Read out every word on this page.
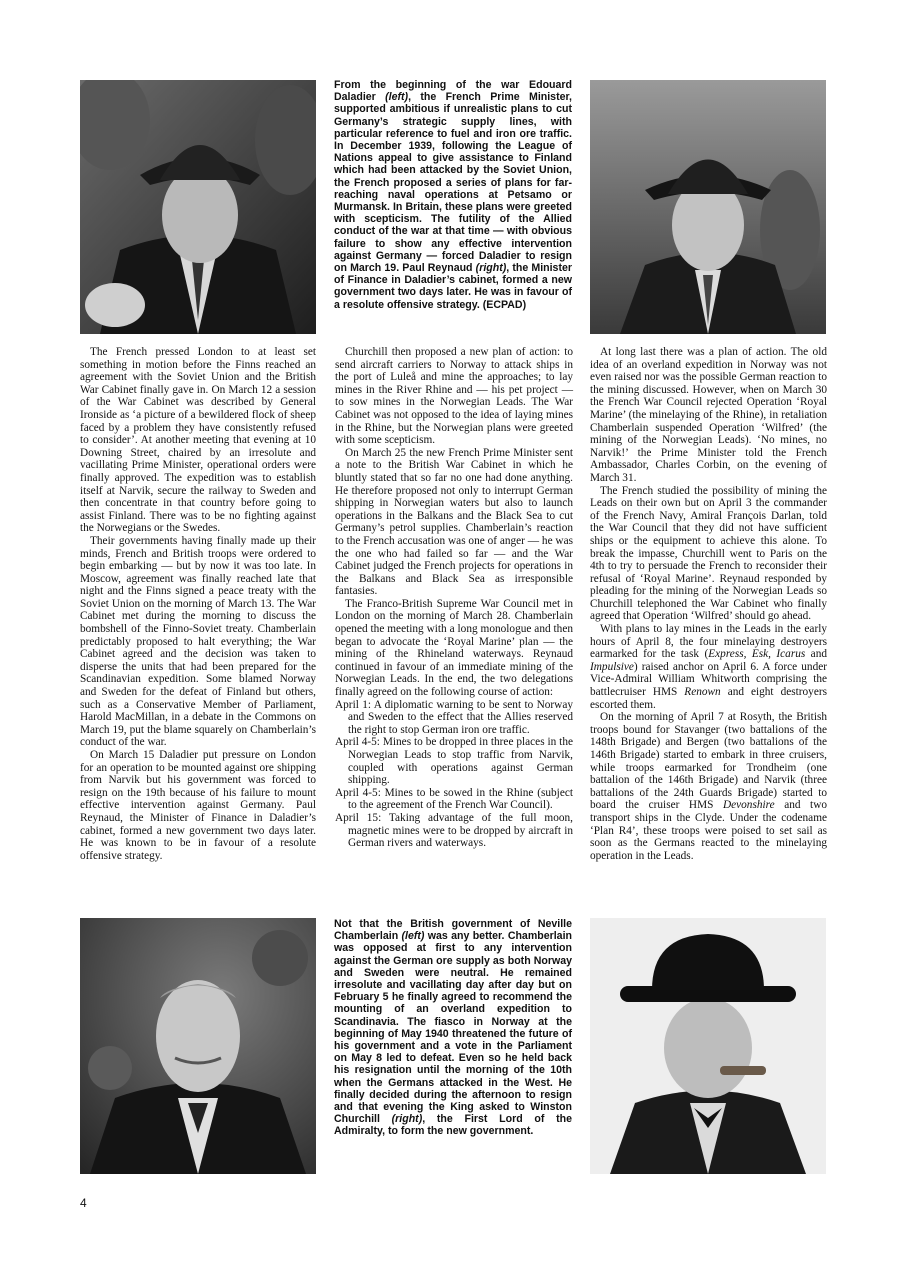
From the beginning of the war Edouard Daladier (left), the French Prime Minister, supported ambitious if unrealistic plans to cut Germany’s strategic supply lines, with particular reference to fuel and iron ore traffic. In December 1939, following the League of Nations appeal to give assistance to Finland which had been attacked by the Soviet Union, the French proposed a series of plans for far-reaching naval operations at Petsamo or Murmansk. In Britain, these plans were greeted with scepticism. The futility of the Allied conduct of the war at that time — with obvious failure to show any effective intervention against Germany — forced Daladier to resign on March 19. Paul Reynaud (right), the Minister of Finance in Daladier’s cabinet, formed a new government two days later. He was in favour of a resolute offensive strategy. (ECPAD)

The French pressed London to at least set something in motion before the Finns reached an agreement with the Soviet Union and the British War Cabinet finally gave in. On March 12 a session of the War Cabinet was described by General Ironside as ‘a picture of a bewildered flock of sheep faced by a problem they have consistently refused to consider’. At another meeting that evening at 10 Downing Street, chaired by an irresolute and vacillating Prime Minister, operational orders were finally approved. The expedition was to establish itself at Narvik, secure the railway to Sweden and then concentrate in that country before going to assist Finland. There was to be no fighting against the Norwegians or the Swedes.

Their governments having finally made up their minds, French and British troops were ordered to begin embarking — but by now it was too late. In Moscow, agreement was finally reached late that night and the Finns signed a peace treaty with the Soviet Union on the morning of March 13. The War Cabinet met during the morning to discuss the bombshell of the Finno-Soviet treaty. Chamberlain predictably proposed to halt everything; the War Cabinet agreed and the decision was taken to disperse the units that had been prepared for the Scandinavian expedition. Some blamed Norway and Sweden for the defeat of Finland but others, such as a Conservative Member of Parliament, Harold MacMillan, in a debate in the Commons on March 19, put the blame squarely on Chamberlain’s conduct of the war.

On March 15 Daladier put pressure on London for an operation to be mounted against ore shipping from Narvik but his government was forced to resign on the 19th because of his failure to mount effective intervention against Germany. Paul Reynaud, the Minister of Finance in Daladier’s cabinet, formed a new government two days later. He was known to be in favour of a resolute offensive strategy.

Churchill then proposed a new plan of action: to send aircraft carriers to Norway to attack ships in the port of Luleå and mine the approaches; to lay mines in the River Rhine and — his pet project — to sow mines in the Norwegian Leads. The War Cabinet was not opposed to the idea of laying mines in the Rhine, but the Norwegian plans were greeted with some scepticism.

On March 25 the new French Prime Minister sent a note to the British War Cabinet in which he bluntly stated that so far no one had done anything. He therefore proposed not only to interrupt German shipping in Norwegian waters but also to launch operations in the Balkans and the Black Sea to cut Germany’s petrol supplies. Chamberlain’s reaction to the French accusation was one of anger — he was the one who had failed so far — and the War Cabinet judged the French projects for operations in the Balkans and Black Sea as irresponsible fantasies.

The Franco-British Supreme War Council met in London on the morning of March 28. Chamberlain opened the meeting with a long monologue and then began to advocate the ‘Royal Marine’ plan — the mining of the Rhineland waterways. Reynaud continued in favour of an immediate mining of the Norwegian Leads. In the end, the two delegations finally agreed on the following course of action:

April 1: A diplomatic warning to be sent to Norway and Sweden to the effect that the Allies reserved the right to stop German iron ore traffic.
April 4-5: Mines to be dropped in three places in the Norwegian Leads to stop traffic from Narvik, coupled with operations against German shipping.
April 4-5: Mines to be sowed in the Rhine (subject to the agreement of the French War Council).
April 15: Taking advantage of the full moon, magnetic mines were to be dropped by aircraft in German rivers and waterways.

At long last there was a plan of action. The old idea of an overland expedition in Norway was not even raised nor was the possible German reaction to the mining discussed. However, when on March 30 the French War Council rejected Operation ‘Royal Marine’ (the minelaying of the Rhine), in retaliation Chamberlain suspended Operation ‘Wilfred’ (the mining of the Norwegian Leads). ‘No mines, no Narvik!’ the Prime Minister told the French Ambassador, Charles Corbin, on the evening of March 31.

The French studied the possibility of mining the Leads on their own but on April 3 the commander of the French Navy, Amiral François Darlan, told the War Council that they did not have sufficient ships or the equipment to achieve this alone. To break the impasse, Churchill went to Paris on the 4th to try to persuade the French to reconsider their refusal of ‘Royal Marine’. Reynaud responded by pleading for the mining of the Norwegian Leads so Churchill telephoned the War Cabinet who finally agreed that Operation ‘Wilfred’ should go ahead.

With plans to lay mines in the Leads in the early hours of April 8, the four minelaying destroyers earmarked for the task (Express, Esk, Icarus and Impulsive) raised anchor on April 6. A force under Vice-Admiral William Whitworth comprising the battlecruiser HMS Renown and eight destroyers escorted them.

On the morning of April 7 at Rosyth, the British troops bound for Stavanger (two battalions of the 148th Brigade) and Bergen (two battalions of the 146th Brigade) started to embark in three cruisers, while troops earmarked for Trondheim (one battalion of the 146th Brigade) and Narvik (three battalions of the 24th Guards Brigade) started to board the cruiser HMS Devonshire and two transport ships in the Clyde. Under the codename ‘Plan R4’, these troops were poised to set sail as soon as the Germans reacted to the minelaying operation in the Leads.

Not that the British government of Neville Chamberlain (left) was any better. Chamberlain was opposed at first to any intervention against the German ore supply as both Norway and Sweden were neutral. He remained irresolute and vacillating day after day but on February 5 he finally agreed to recommend the mounting of an overland expedition to Scandinavia. The fiasco in Norway at the beginning of May 1940 threatened the future of his government and a vote in the Parliament on May 8 led to defeat. Even so he held back his resignation until the morning of the 10th when the Germans attacked in the West. He finally decided during the afternoon to resign and that evening the King asked to Winston Churchill (right), the First Lord of the Admiralty, to form the new government.
4
